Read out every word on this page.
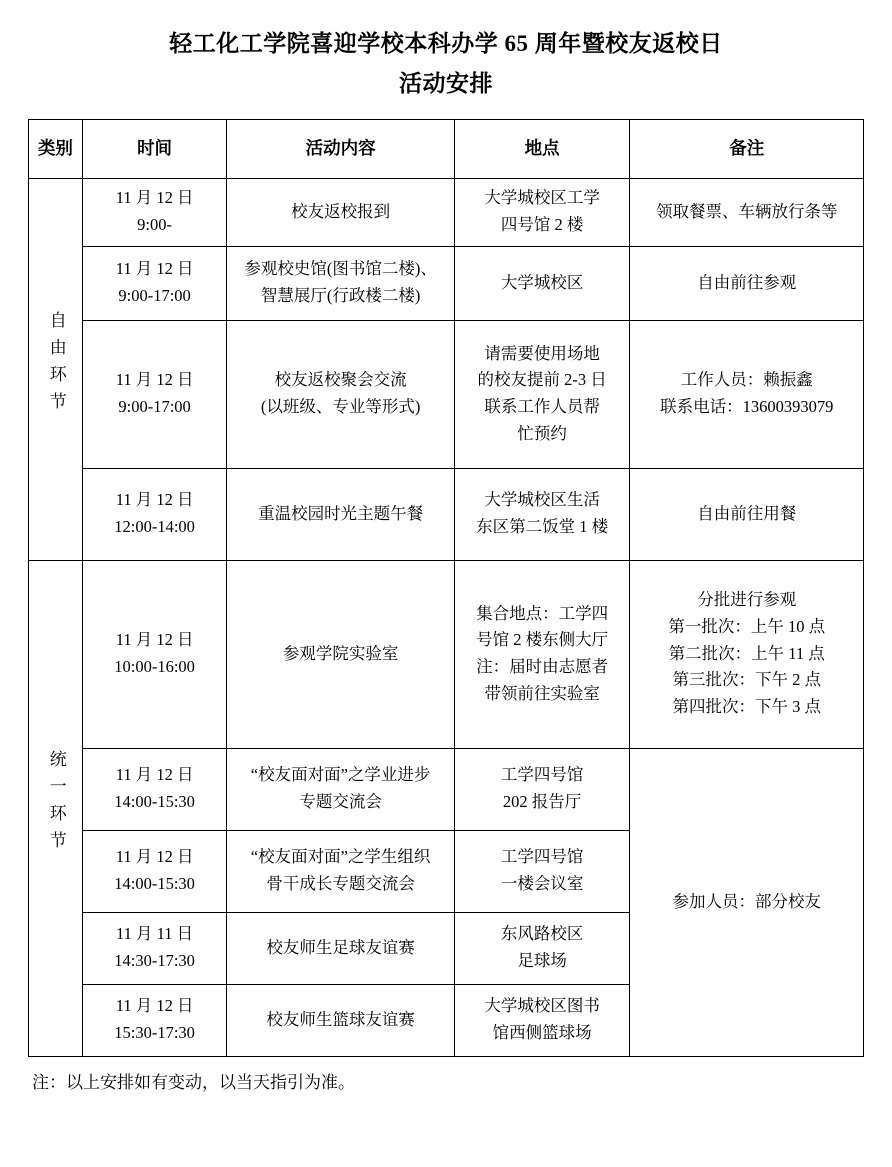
轻工化工学院喜迎学校本科办学 65 周年暨校友返校日
活动安排
类别	时间	活动内容	地点	备注
自由环节	11 月 12 日
9:00-	校友返校报到	大学城校区工学
四号馆 2 楼	领取餐票、车辆放行条等

	11 月 12 日
9:00-17:00	参观校史馆(图书馆二楼)、
智慧展厅(行政楼二楼)	大学城校区	自由前往参观

	11 月 12 日
9:00-17:00	校友返校聚会交流
(以班级、专业等形式)	请需要使用场地
的校友提前 2-3 日
联系工作人员帮
忙预约	工作人员：赖振鑫
联系电话：13600393079

	11 月 12 日
12:00-14:00	重温校园时光主题午餐	大学城校区生活
东区第二饭堂 1 楼	自由前往用餐

统一环节	11 月 12 日
10:00-16:00	参观学院实验室	集合地点：工学四
号馆 2 楼东侧大厅
注：届时由志愿者
带领前往实验室	分批进行参观
第一批次：上午 10 点
第二批次：上午 11 点
第三批次：下午 2 点
第四批次：下午 3 点

	11 月 12 日
14:00-15:30	“校友面对面”之学业进步
专题交流会	工学四号馆
202 报告厅	参加人员：部分校友

	11 月 12 日
14:00-15:30	“校友面对面”之学生组织
骨干成长专题交流会	工学四号馆
一楼会议室	

	11 月 11 日
14:30-17:30	校友师生足球友谊赛	东风路校区
足球场	

	11 月 12 日
15:30-17:30	校友师生篮球友谊赛	大学城校区图书
馆西侧篮球场	
注：以上安排如有变动，以当天指引为准。
